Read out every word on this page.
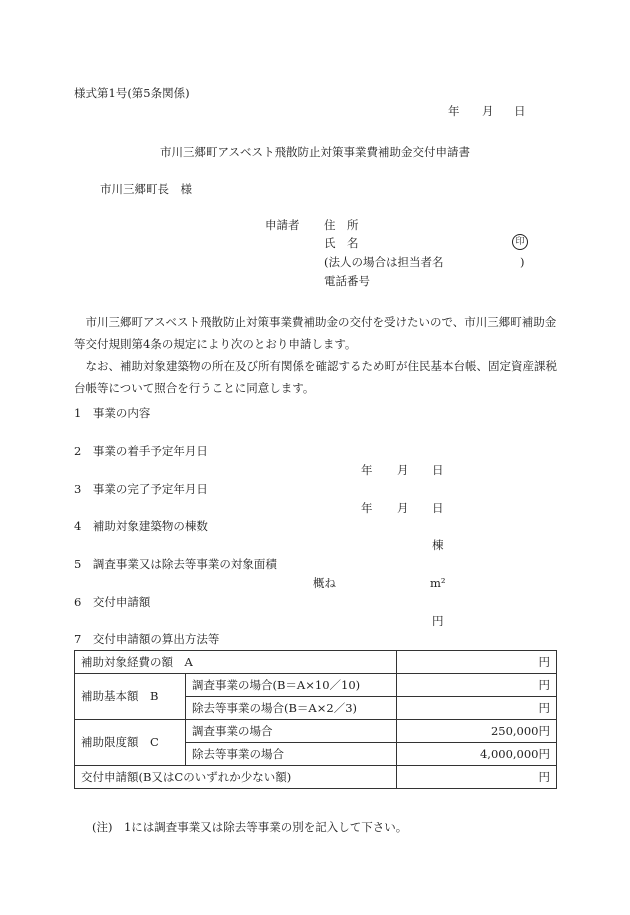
様式第1号(第5条関係)
年 月 日
市川三郷町アスベスト飛散防止対策事業費補助金交付申請書
市川三郷町長　様
申請者 住　所
氏　名	印
(法人の場合は担当者名	)
電話番号

市川三郷町アスベスト飛散防止対策事業費補助金の交付を受けたいので、市川三郷町補助金等交付規則第4条の規定により次のとおり申請します。

なお、補助対象建築物の所在及び所有関係を確認するため町が住民基本台帳、固定資産課税台帳等について照合を行うことに同意します。

1　 事業の内容
2　 事業の着手予定年月日
年 月 日
3　 事業の完了予定年月日
年 月 日
4　 補助対象建築物の棟数
棟
5　 調査事業又は除去等事業の対象面積
概ね	m²
6　 交付申請額
円
7　 交付申請額の算出方法等
補助対象経費の額　A		円
補助基本額　B	調査事業の場合(B＝A×10／10)	円
	除去等事業の場合(B＝A×2／3)	円
補助限度額　C	調査事業の場合	250,000円
	除去等事業の場合	4,000,000円
交付申請額(B又はCのいずれか少ない額)		円
(注)　 1には調査事業又は除去等事業の別を記入して下さい。
